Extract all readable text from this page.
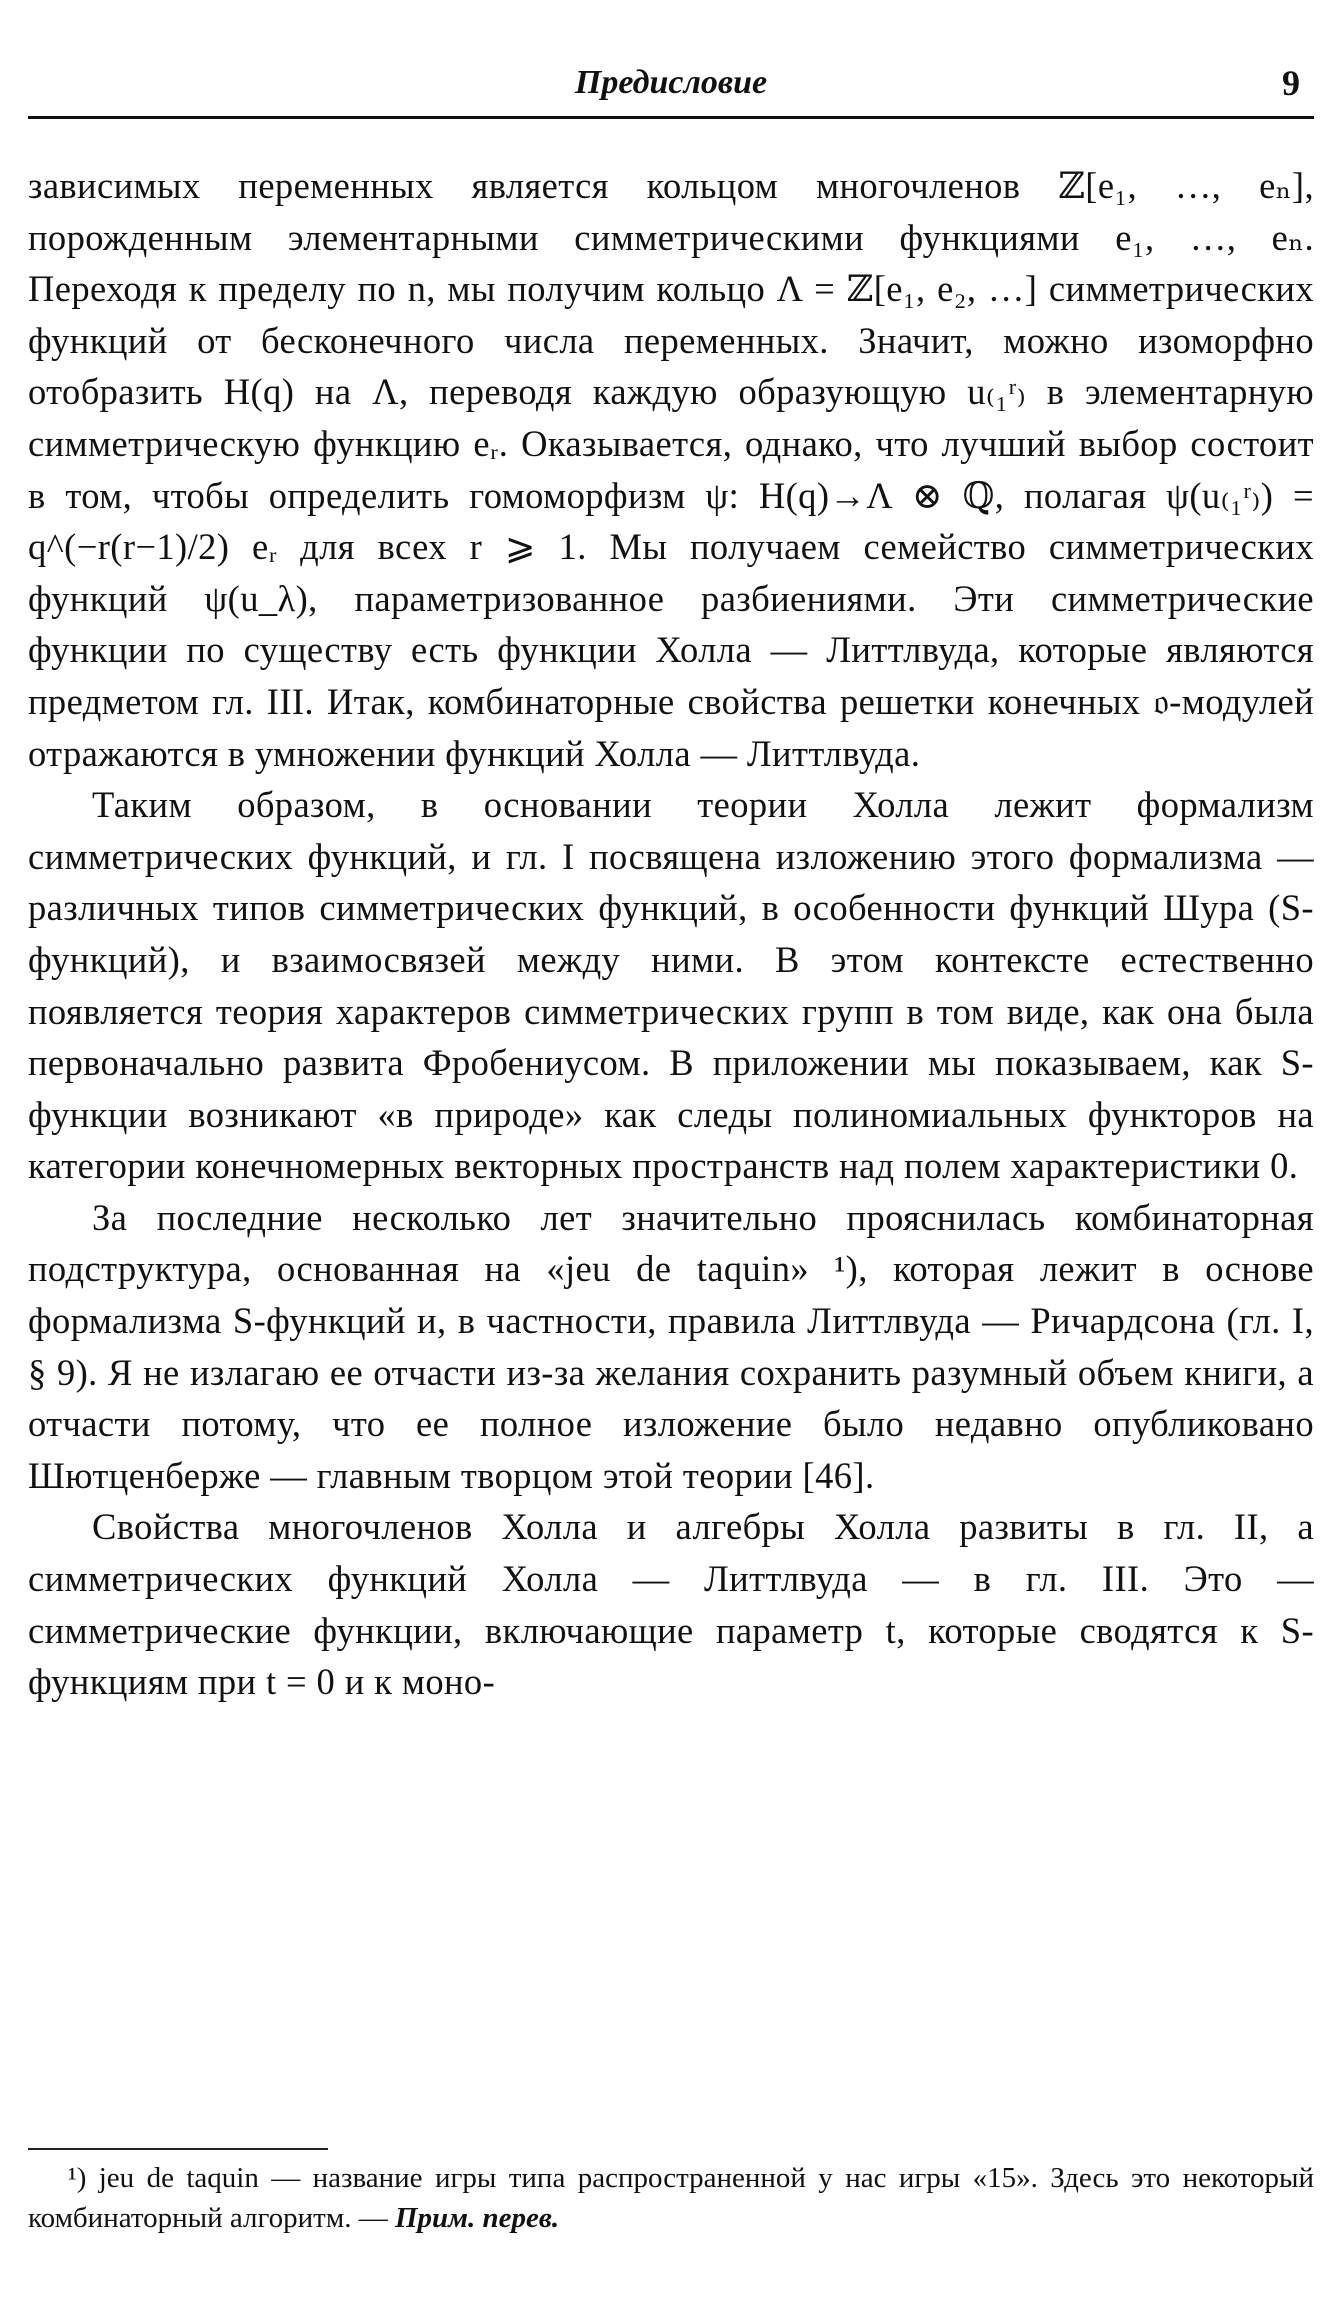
Предисловие	9

зависимых переменных является кольцом многочленов ℤ[e₁, …, eₙ], порожденным элементарными симметрическими функциями e₁, …, eₙ. Переходя к пределу по n, мы получим кольцо Λ = ℤ[e₁, e₂, …] симметрических функций от бесконечного числа переменных. Значит, можно изоморфно отобразить H(q) на Λ, переводя каждую образующую u₍₁ʳ₎ в элементарную симметрическую функцию eᵣ. Оказывается, однако, что лучший выбор состоит в том, чтобы определить гомоморфизм ψ: H(q)→Λ ⊗ ℚ, полагая ψ(u₍₁ʳ₎) = q^(−r(r−1)/2) eᵣ для всех r ⩾ 1. Мы получаем семейство симметрических функций ψ(u_λ), параметризованное разбиениями. Эти симметрические функции по существу есть функции Холла — Литтлвуда, которые являются предметом гл. III. Итак, комбинаторные свойства решетки конечных 𝔬-модулей отражаются в умножении функций Холла — Литтлвуда.

Таким образом, в основании теории Холла лежит формализм симметрических функций, и гл. I посвящена изложению этого формализма — различных типов симметрических функций, в особенности функций Шура (S-функций), и взаимосвязей между ними. В этом контексте естественно появляется теория характеров симметрических групп в том виде, как она была первоначально развита Фробениусом. В приложении мы показываем, как S-функции возникают «в природе» как следы полиномиальных функторов на категории конечномерных векторных пространств над полем характеристики 0.

За последние несколько лет значительно прояснилась комбинаторная подструктура, основанная на «jeu de taquin» ¹), которая лежит в основе формализма S-функций и, в частности, правила Литтлвуда — Ричардсона (гл. I, § 9). Я не излагаю ее отчасти из-за желания сохранить разумный объем книги, а отчасти потому, что ее полное изложение было недавно опубликовано Шютценберже — главным творцом этой теории [46].

Свойства многочленов Холла и алгебры Холла развиты в гл. II, а симметрических функций Холла — Литтлвуда — в гл. III. Это — симметрические функции, включающие параметр t, которые сводятся к S-функциям при t = 0 и к моно-

¹) jeu de taquin — название игры типа распространенной у нас игры «15». Здесь это некоторый комбинаторный алгоритм. — Прим. перев.
